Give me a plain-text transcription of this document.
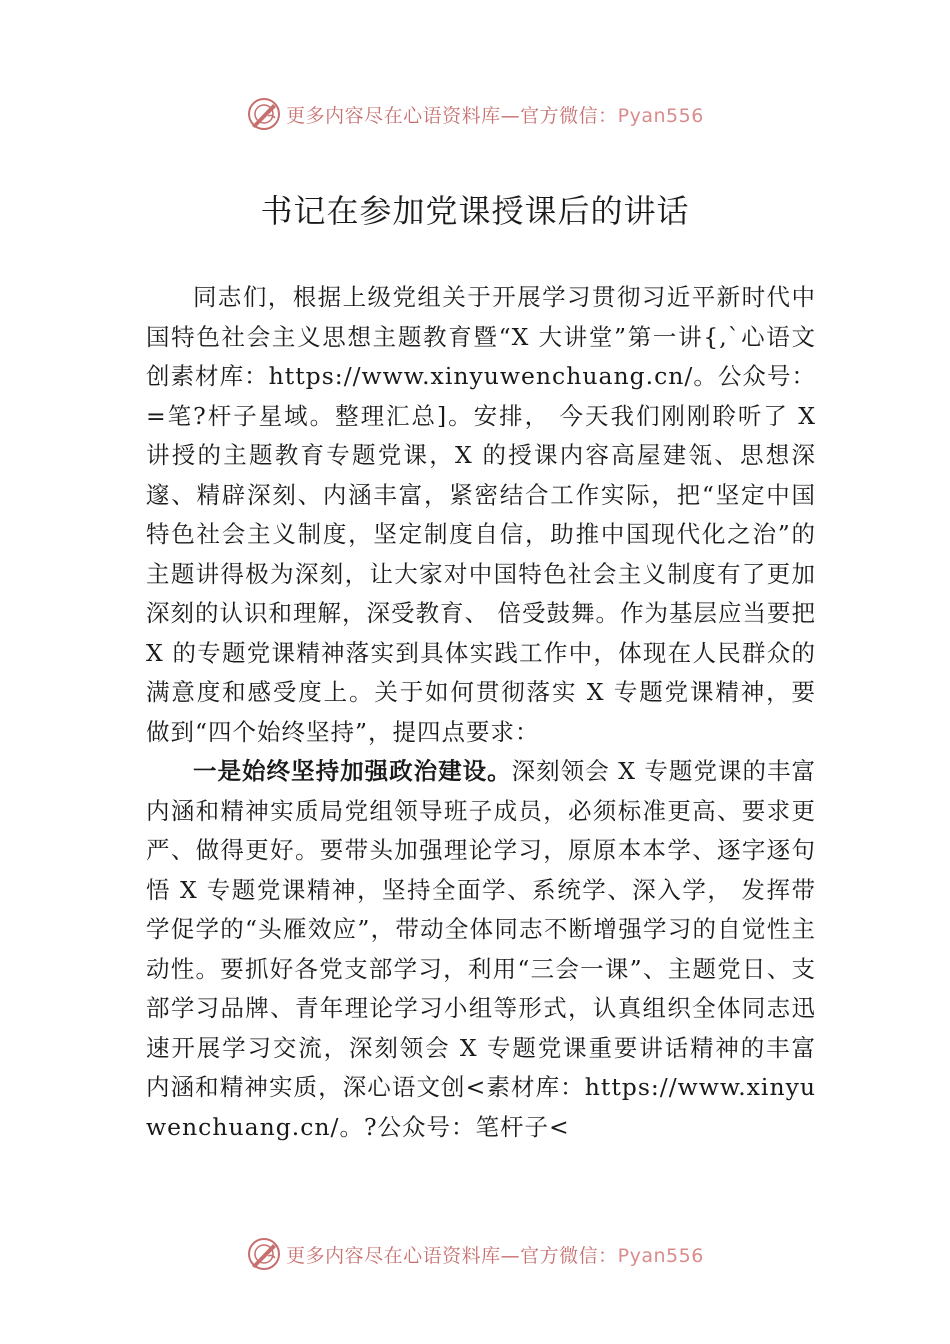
更多内容尽在心语资料库—官方微信：Pyan556
书记在参加党课授课后的讲话

同志们，根据上级党组关于开展学习贯彻习近平新时代中国特色社会主义思想主题教育暨“X 大讲堂”第一讲{,`心语文创素材库：https://www.xinyuwenchuang.cn/。公众号：=笔?杆子星域。整理汇总]。安排， 今天我们刚刚聆听了 X 讲授的主题教育专题党课，X 的授课内容高屋建瓴、思想深邃、精辟深刻、内涵丰富，紧密结合工作实际，把“坚定中国特色社会主义制度，坚定制度自信，助推中国现代化之治”的主题讲得极为深刻，让大家对中国特色社会主义制度有了更加深刻的认识和理解，深受教育、 倍受鼓舞。作为基层应当要把 X 的专题党课精神落实到具体实践工作中，体现在人民群众的满意度和感受度上。关于如何贯彻落实 X 专题党课精神，要做到“四个始终坚持”，提四点要求：

一是始终坚持加强政治建设。深刻领会 X 专题党课的丰富内涵和精神实质局党组领导班子成员，必须标准更高、要求更严、做得更好。要带头加强理论学习，原原本本学、逐字逐句悟 X 专题党课精神，坚持全面学、系统学、深入学， 发挥带学促学的“头雁效应”，带动全体同志不断增强学习的自觉性主动性。要抓好各党支部学习，利用“三会一课”、主题党日、支部学习品牌、青年理论学习小组等形式，认真组织全体同志迅速开展学习交流，深刻领会 X 专题党课重要讲话精神的丰富内涵和精神实质，深心语文创<素材库：https://www.xinyuwenchuang.cn/。?公众号：笔杆子<

更多内容尽在心语资料库—官方微信：Pyan556
